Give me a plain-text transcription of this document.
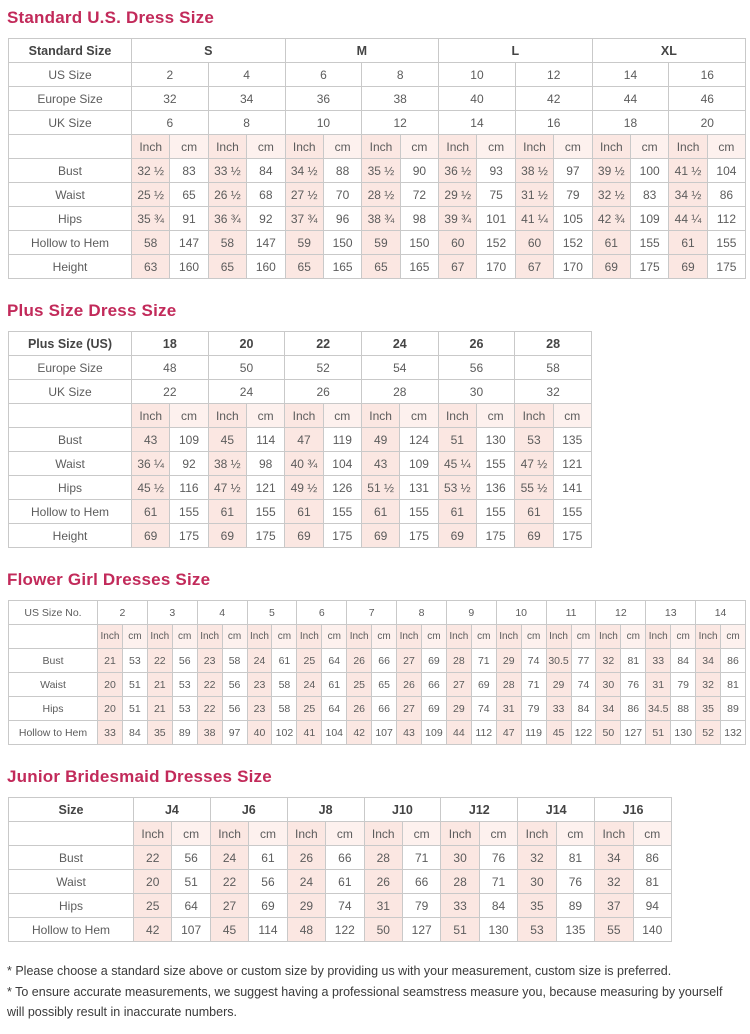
Standard U.S. Dress Size
Standard Size	S				M				L				XL			
US Size	2		4		6		8		10		12		14		16	
Europe Size	32		34		36		38		40		42		44		46	
UK Size	6		8		10		12		14		16		18		20	
	Inch	cm	Inch	cm	Inch	cm	Inch	cm	Inch	cm	Inch	cm	Inch	cm	Inch	cm
Bust	32 ½	83	33 ½	84	34 ½	88	35 ½	90	36 ½	93	38 ½	97	39 ½	100	41 ½	104
Waist	25 ½	65	26 ½	68	27 ½	70	28 ½	72	29 ½	75	31 ½	79	32 ½	83	34 ½	86
Hips	35 ¾	91	36 ¾	92	37 ¾	96	38 ¾	98	39 ¾	101	41 ¼	105	42 ¾	109	44 ¼	112
Hollow to Hem	58	147	58	147	59	150	59	150	60	152	60	152	61	155	61	155
Height	63	160	65	160	65	165	65	165	67	170	67	170	69	175	69	175
Plus Size Dress Size
Plus Size (US)	18		20		22		24		26		28	
Europe Size	48		50		52		54		56		58	
UK Size	22		24		26		28		30		32	
	Inch	cm	Inch	cm	Inch	cm	Inch	cm	Inch	cm	Inch	cm
Bust	43	109	45	114	47	119	49	124	51	130	53	135
Waist	36 ¼	92	38 ½	98	40 ¾	104	43	109	45 ¼	155	47 ½	121
Hips	45 ½	116	47 ½	121	49 ½	126	51 ½	131	53 ½	136	55 ½	141
Hollow to Hem	61	155	61	155	61	155	61	155	61	155	61	155
Height	69	175	69	175	69	175	69	175	69	175	69	175
Flower Girl Dresses Size
US Size No.	2		3		4		5		6		7		8		9		10		11		12		13		14	
	Inch	cm	Inch	cm	Inch	cm	Inch	cm	Inch	cm	Inch	cm	Inch	cm	Inch	cm	Inch	cm	Inch	cm	Inch	cm	Inch	cm	Inch	cm
Bust	21	53	22	56	23	58	24	61	25	64	26	66	27	69	28	71	29	74	30.5	77	32	81	33	84	34	86
Waist	20	51	21	53	22	56	23	58	24	61	25	65	26	66	27	69	28	71	29	74	30	76	31	79	32	81
Hips	20	51	21	53	22	56	23	58	25	64	26	66	27	69	29	74	31	79	33	84	34	86	34.5	88	35	89
Hollow to Hem	33	84	35	89	38	97	40	102	41	104	42	107	43	109	44	112	47	119	45	122	50	127	51	130	52	132
Junior Bridesmaid Dresses Size
Size	J4		J6		J8		J10		J12		J14		J16	
	Inch	cm	Inch	cm	Inch	cm	Inch	cm	Inch	cm	Inch	cm	Inch	cm
Bust	22	56	24	61	26	66	28	71	30	76	32	81	34	86
Waist	20	51	22	56	24	61	26	66	28	71	30	76	32	81
Hips	25	64	27	69	29	74	31	79	33	84	35	89	37	94
Hollow to Hem	42	107	45	114	48	122	50	127	51	130	53	135	55	140

* Please choose a standard size above or custom size by providing us with your measurement, custom size is preferred.

* To ensure accurate measurements, we suggest having a professional seamstress measure you, because measuring by yourself will possibly result in inaccurate numbers.
